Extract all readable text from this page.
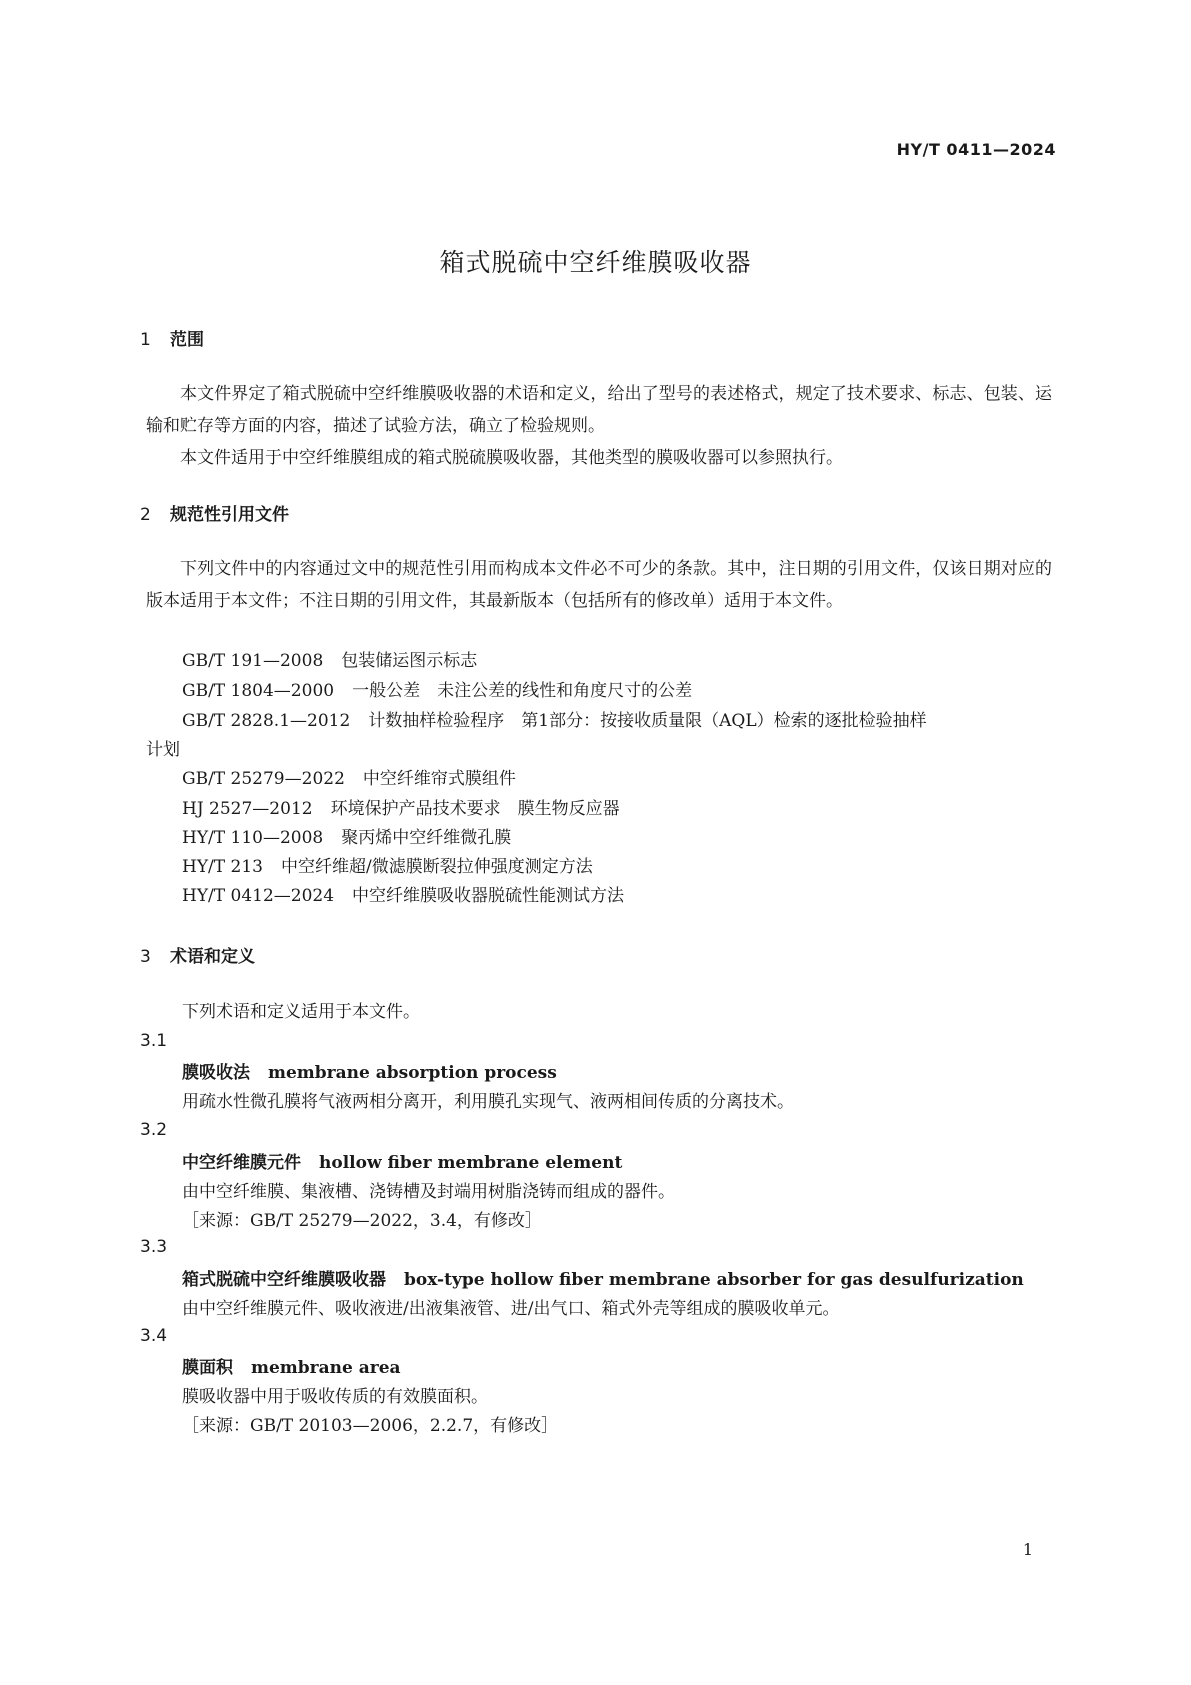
HY/T 0411—2024
箱式脱硫中空纤维膜吸收器
1 范围

本文件界定了箱式脱硫中空纤维膜吸收器的术语和定义，给出了型号的表述格式，规定了技术要求、标志、包装、运输和贮存等方面的内容，描述了试验方法，确立了检验规则。

本文件适用于中空纤维膜组成的箱式脱硫膜吸收器，其他类型的膜吸收器可以参照执行。

2 规范性引用文件

下列文件中的内容通过文中的规范性引用而构成本文件必不可少的条款。其中，注日期的引用文件，仅该日期对应的版本适用于本文件；不注日期的引用文件，其最新版本（包括所有的修改单）适用于本文件。

GB/T 191—2008 包装储运图示标志
GB/T 1804—2000 一般公差　未注公差的线性和角度尺寸的公差
GB/T 2828.1—2012 计数抽样检验程序　第1部分：按接收质量限（AQL）检索的逐批检验抽样
计划
GB/T 25279—2022 中空纤维帘式膜组件
HJ 2527—2012 环境保护产品技术要求　膜生物反应器
HY/T 110—2008 聚丙烯中空纤维微孔膜
HY/T 213 中空纤维超/微滤膜断裂拉伸强度测定方法
HY/T 0412—2024 中空纤维膜吸收器脱硫性能测试方法
3 术语和定义
下列术语和定义适用于本文件。
3.1
膜吸收法 membrane absorption process
用疏水性微孔膜将气液两相分离开，利用膜孔实现气、液两相间传质的分离技术。
3.2
中空纤维膜元件 hollow fiber membrane element
由中空纤维膜、集液槽、浇铸槽及封端用树脂浇铸而组成的器件。
［来源：GB/T 25279—2022，3.4，有修改］
3.3
箱式脱硫中空纤维膜吸收器 box-type hollow fiber membrane absorber for gas desulfurization
由中空纤维膜元件、吸收液进/出液集液管、进/出气口、箱式外壳等组成的膜吸收单元。
3.4
膜面积 membrane area
膜吸收器中用于吸收传质的有效膜面积。
［来源：GB/T 20103—2006，2.2.7，有修改］
1
